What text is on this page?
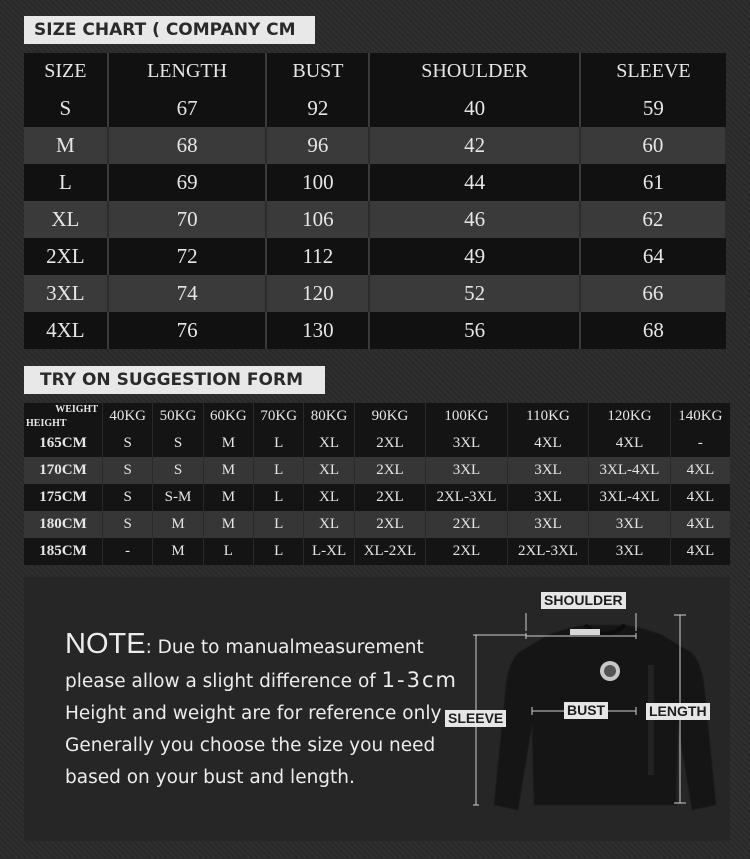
SIZE CHART ( COMPANY CM )
SIZE	LENGTH	BUST	SHOULDER	SLEEVE
S	67	92	40	59
M	68	96	42	60
L	69	100	44	61
XL	70	106	46	62
2XL	72	112	49	64
3XL	74	120	52	66
4XL	76	130	56	68
TRY ON SUGGESTION FORM
WEIGHT
HEIGHT	40KG	50KG	60KG	70KG	80KG	90KG	100KG	110KG	120KG	140KG
165CM	S	S	M	L	XL	2XL	3XL	4XL	4XL	-
170CM	S	S	M	L	XL	2XL	3XL	3XL	3XL-4XL	4XL
175CM	S	S-M	M	L	XL	2XL	2XL-3XL	3XL	3XL-4XL	4XL
180CM	S	M	M	L	XL	2XL	2XL	3XL	3XL	4XL
185CM	-	M	L	L	L-XL	XL-2XL	2XL	2XL-3XL	3XL	4XL
NOTE: Due to manualmeasurement
please allow a slight difference of 1-3cm
Height and weight are for reference only
Generally you choose the size you need
based on your bust and length.
SHOULDER
SLEEVE	BUST	LENGTH
